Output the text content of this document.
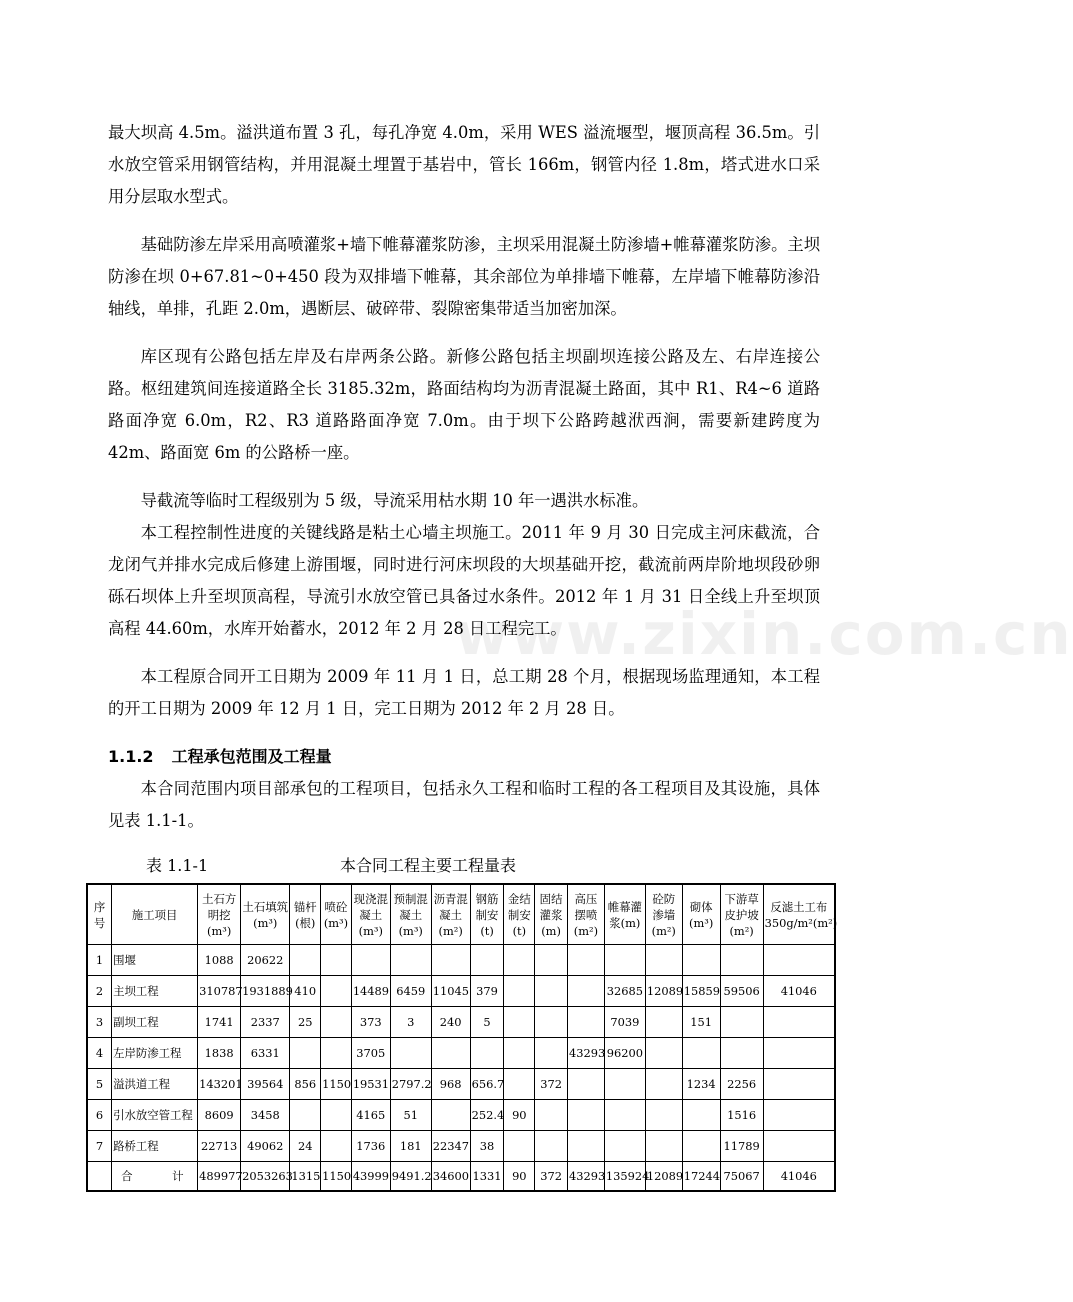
www.zixin.com.cn

最大坝高 4.5m。溢洪道布置 3 孔，每孔净宽 4.0m，采用 WES 溢流堰型，堰顶高程 36.5m。引水放空管采用钢管结构，并用混凝土埋置于基岩中，管长 166m，钢管内径 1.8m，塔式进水口采用分层取水型式。

基础防渗左岸采用高喷灌浆+墙下帷幕灌浆防渗，主坝采用混凝土防渗墙+帷幕灌浆防渗。主坝防渗在坝 0+67.81~0+450 段为双排墙下帷幕，其余部位为单排墙下帷幕，左岸墙下帷幕防渗沿轴线，单排，孔距 2.0m，遇断层、破碎带、裂隙密集带适当加密加深。

库区现有公路包括左岸及右岸两条公路。新修公路包括主坝副坝连接公路及左、右岸连接公路。枢纽建筑间连接道路全长 3185.32m，路面结构均为沥青混凝土路面，其中 R1、R4~6 道路路面净宽 6.0m，R2、R3 道路路面净宽 7.0m。由于坝下公路跨越洑西涧，需要新建跨度为 42m、路面宽 6m 的公路桥一座。

导截流等临时工程级别为 5 级，导流采用枯水期 10 年一遇洪水标准。

本工程控制性进度的关键线路是粘土心墙主坝施工。2011 年 9 月 30 日完成主河床截流，合龙闭气并排水完成后修建上游围堰，同时进行河床坝段的大坝基础开挖，截流前两岸阶地坝段砂卵砾石坝体上升至坝顶高程，导流引水放空管已具备过水条件。2012 年 1 月 31 日全线上升至坝顶高程 44.60m，水库开始蓄水，2012 年 2 月 28 日工程完工。

本工程原合同开工日期为 2009 年 11 月 1 日，总工期 28 个月，根据现场监理通知，本工程的开工日期为 2009 年 12 月 1 日，完工日期为 2012 年 2 月 28 日。

1.1.2 工程承包范围及工程量

本合同范围内项目部承包的工程项目，包括永久工程和临时工程的各工程项目及其设施，具体见表 1.1-1。

表 1.1-1	本合同工程主要工程量表

序号	施工项目	土石方明挖(m³)	土石填筑(m³)	锚杆(根)	喷砼(m³)	现浇混凝土(m³)	预制混凝土(m³)	沥青混凝土(m²)	钢筋制安(t)	金结制安(t)	固结灌浆(m)	高压摆喷(m²)	帷幕灌浆(m)	砼防渗墙(m²)	砌体(m³)	下游草皮护坡(m²)	反滤土工布350g/m²(m²)
1	围堰	1088	20622														
2	主坝工程	310787	1931889	410		14489	6459	11045	379				32685	12089	15859	59506	41046
3	副坝工程	1741	2337	25		373	3	240	5				7039		151		
4	左岸防渗工程	1838	6331			3705						43293	96200				
5	溢洪道工程	143201	39564	856	1150	19531	2797.2	968	656.7		372				1234	2256	
6	引水放空管工程	8609	3458			4165	51		252.4	90						1516	
7	路桥工程	22713	49062	24		1736	181	22347	38							11789	
	合 计	489977	2053263	1315	1150	43999	9491.2	34600	1331	90	372	43293	135924	12089	17244	75067	41046
